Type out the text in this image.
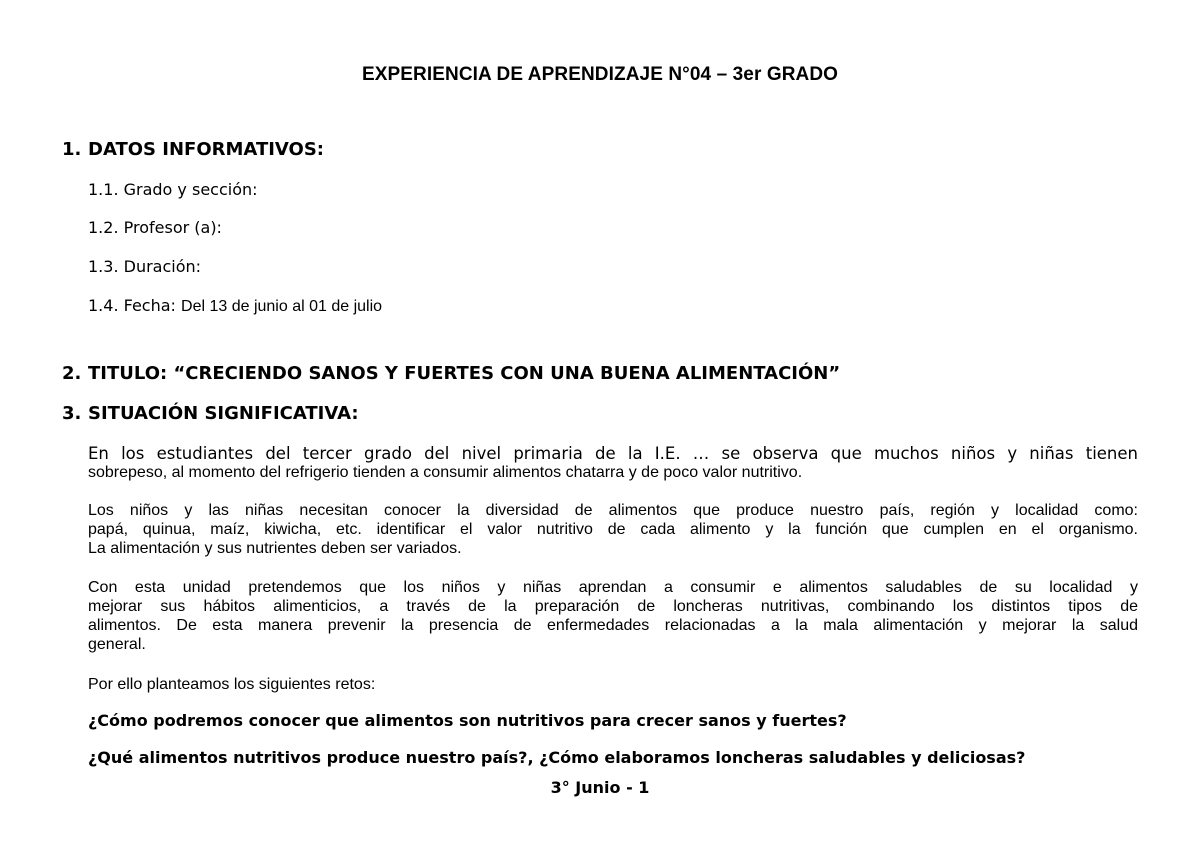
EXPERIENCIA DE APRENDIZAJE N°04 – 3er GRADO
1. DATOS INFORMATIVOS:
1.1. Grado y sección:
1.2. Profesor (a):
1.3. Duración:
1.4. Fecha: Del 13 de junio al 01 de julio
2. TITULO: “CRECIENDO SANOS Y FUERTES CON UNA BUENA ALIMENTACIÓN”
3. SITUACIÓN SIGNIFICATIVA:
En los estudiantes del tercer grado del nivel primaria de la I.E. … se observa que muchos niños y niñas tienen
sobrepeso, al momento del refrigerio tienden a consumir alimentos chatarra y de poco valor nutritivo.
Los niños y las niñas necesitan conocer la diversidad de alimentos que produce nuestro país, región y localidad como:
papá, quinua, maíz, kiwicha, etc. identificar el valor nutritivo de cada alimento y la función que cumplen en el organismo.
La alimentación y sus nutrientes deben ser variados.
Con esta unidad pretendemos que los niños y niñas aprendan a consumir e alimentos saludables de su localidad y
mejorar sus hábitos alimenticios, a través de la preparación de loncheras nutritivas, combinando los distintos tipos de
alimentos. De esta manera prevenir la presencia de enfermedades relacionadas a la mala alimentación y mejorar la salud
general.
Por ello planteamos los siguientes retos:
¿Cómo podremos conocer que alimentos son nutritivos para crecer sanos y fuertes?
¿Qué alimentos nutritivos produce nuestro país?, ¿Cómo elaboramos loncheras saludables y deliciosas?
3° Junio - 1
